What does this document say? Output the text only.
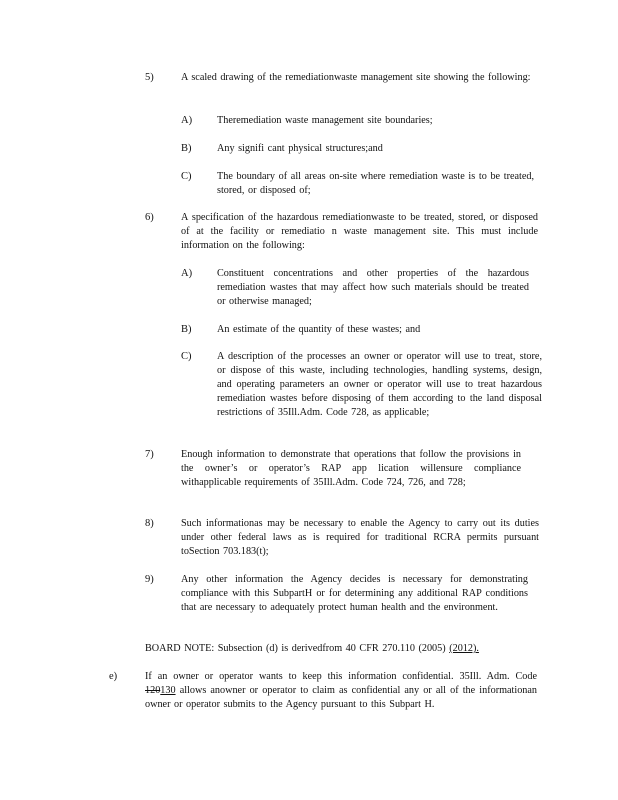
5)	A scaled drawing of the remediationwaste management site showing the following:
A) Theremediation waste management site boundaries;
B)	Any signifi cant physical structures;and
C)	The boundary of all areas on-site where remediation waste is to be treated, stored, or disposed of;
6)	A specification of the hazardous remediationwaste to be treated, stored, or disposed of at the facility or remediatio n waste management site. This must include information on the following:
A) Constituent concentrations and other properties of the hazardous remediation wastes that may affect how such materials should be treated or otherwise managed;
B)	An estimate of the quantity of these wastes; and
C)	A description of the processes an owner or operator will use to treat, store, or dispose of this waste, including technologies, handling systems, design, and operating parameters an owner or operator will use to treat hazardous remediation wastes before disposing of them according to the land disposal restrictions of 35Ill.Adm. Code 728, as applicable;
7)	Enough information to demonstrate that operations that follow the provisions in the owner’s or operator’s RAP app lication willensure compliance withapplicable requirements of 35Ill.Adm. Code 724, 726, and 728;
8)	Such informationas may be necessary to enable the Agency to carry out its duties under other federal laws as is required for traditional RCRA permits pursuant toSection 703.183(t);
9)	Any other information the Agency decides is necessary for demonstrating compliance with this SubpartH or for determining any additional RAP conditions that are necessary to adequately protect human health and the environment.
BOARD NOTE: Subsection (d) is derivedfrom 40 CFR 270.110 (2005) (2012).
e)	If an owner or operator wants to keep this information confidential. 35Ill. Adm. Code 120130 allows anowner or operator to claim as confidential any or all of the informationan owner or operator submits to the Agency pursuant to this Subpart H.
